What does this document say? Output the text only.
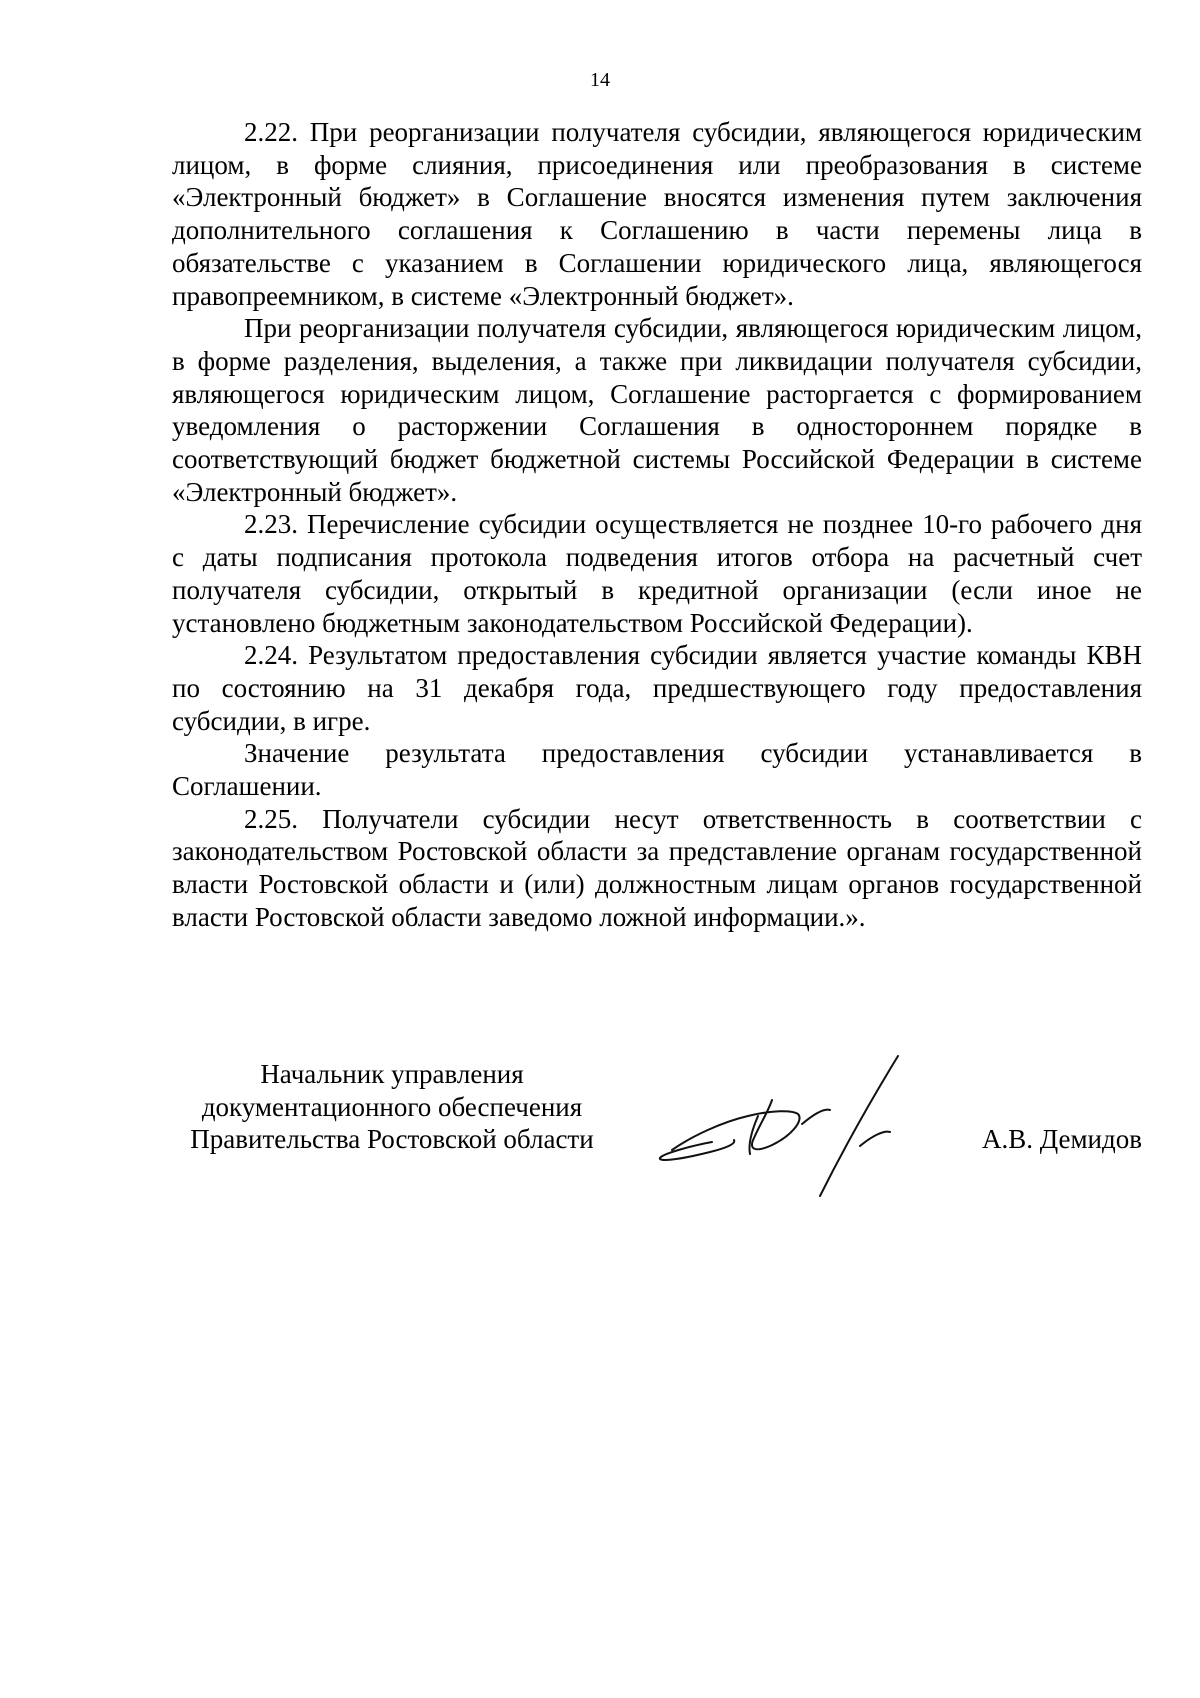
14

2.22. При реорганизации получателя субсидии, являющегося юридическим лицом, в форме слияния, присоединения или преобразования в системе «Электронный бюджет» в Соглашение вносятся изменения путем заключения дополнительного соглашения к Соглашению в части перемены лица в обязательстве с указанием в Соглашении юридического лица, являющегося правопреемником, в системе «Электронный бюджет».

При реорганизации получателя субсидии, являющегося юридическим лицом, в форме разделения, выделения, а также при ликвидации получателя субсидии, являющегося юридическим лицом, Соглашение расторгается с формированием уведомления о расторжении Соглашения в одностороннем порядке в соответствующий бюджет бюджетной системы Российской Федерации в системе «Электронный бюджет».

2.23. Перечисление субсидии осуществляется не позднее 10-го рабочего дня с даты подписания протокола подведения итогов отбора на расчетный счет получателя субсидии, открытый в кредитной организации (если иное не установлено бюджетным законодательством Российской Федерации).

2.24. Результатом предоставления субсидии является участие команды КВН по состоянию на 31 декабря года, предшествующего году предоставления субсидии, в игре.

Значение результата предоставления субсидии устанавливается в Соглашении.

2.25. Получатели субсидии несут ответственность в соответствии с законодательством Ростовской области за представление органам государственной власти Ростовской области и (или) должностным лицам органов государственной власти Ростовской области заведомо ложной информации.».

Начальник управления
документационного обеспечения
Правительства Ростовской области	А.В. Демидов
